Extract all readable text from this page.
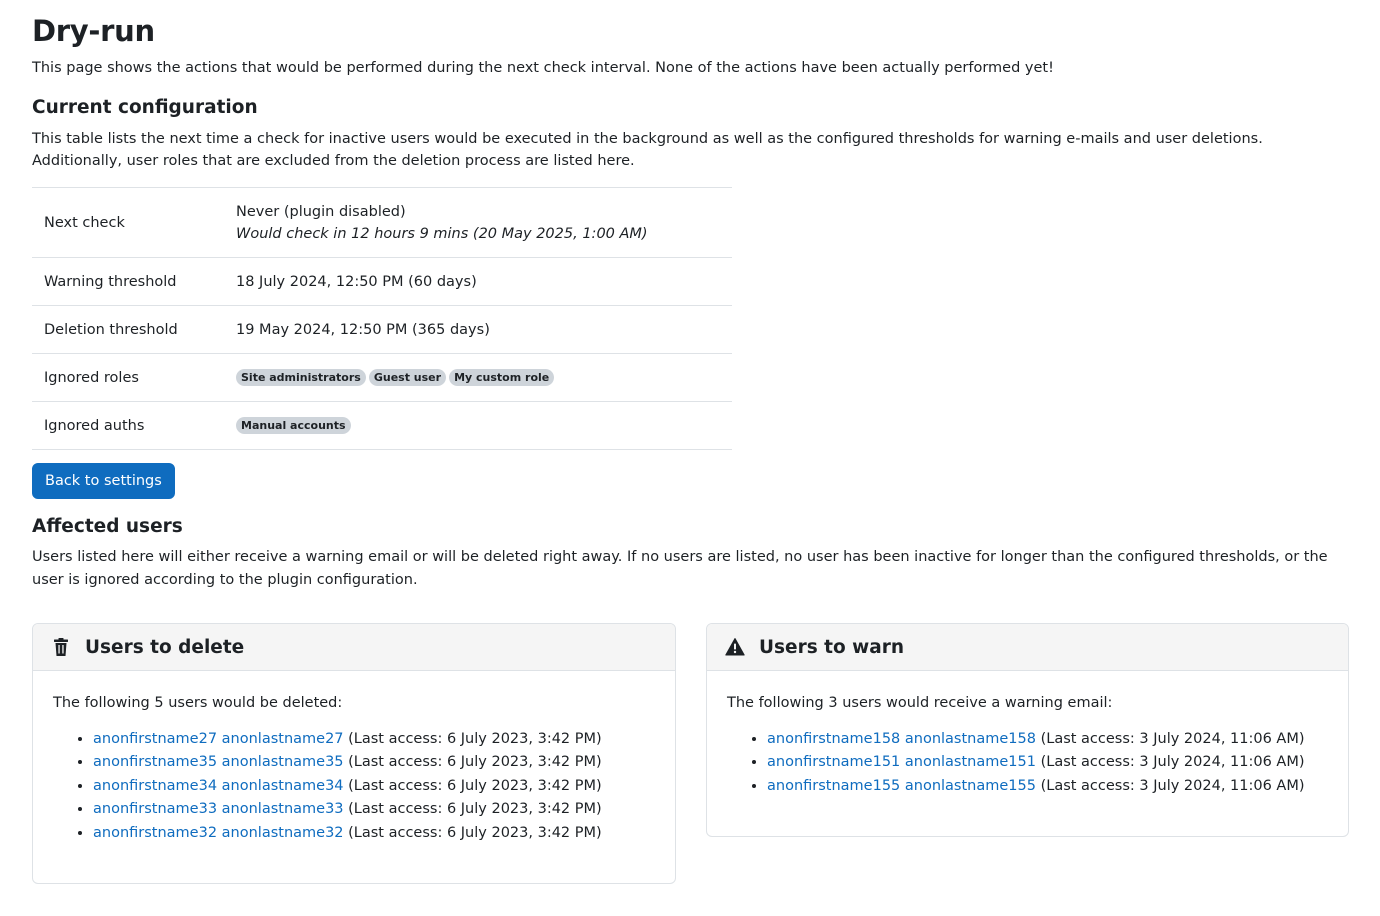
Dry-run
This page shows the actions that would be performed during the next check interval. None of the actions have been actually performed yet!
Current configuration
This table lists the next time a check for inactive users would be executed in the background as well as the configured thresholds for warning e-mails and user deletions. Additionally, user roles that are excluded from the deletion process are listed here.
Next check	Never (plugin disabled)
Would check in 12 hours 9 mins (20 May 2025, 1:00 AM)

Warning threshold	18 July 2024, 12:50 PM (60 days)
Deletion threshold	19 May 2024, 12:50 PM (365 days)
Ignored roles	Site administrators Guest user My custom role
Ignored auths	Manual accounts
Back to settings
Affected users
Users listed here will either receive a warning email or will be deleted right away. If no users are listed, no user has been inactive for longer than the configured thresholds, or the user is ignored according to the plugin configuration.
Users to delete

The following 5 users would be deleted:

• anonfirstname27 anonlastname27 (Last access: 6 July 2023, 3:42 PM)
• anonfirstname35 anonlastname35 (Last access: 6 July 2023, 3:42 PM)
• anonfirstname34 anonlastname34 (Last access: 6 July 2023, 3:42 PM)
• anonfirstname33 anonlastname33 (Last access: 6 July 2023, 3:42 PM)
• anonfirstname32 anonlastname32 (Last access: 6 July 2023, 3:42 PM)
Users to warn

The following 3 users would receive a warning email:

• anonfirstname158 anonlastname158 (Last access: 3 July 2024, 11:06 AM)
• anonfirstname151 anonlastname151 (Last access: 3 July 2024, 11:06 AM)
• anonfirstname155 anonlastname155 (Last access: 3 July 2024, 11:06 AM)
